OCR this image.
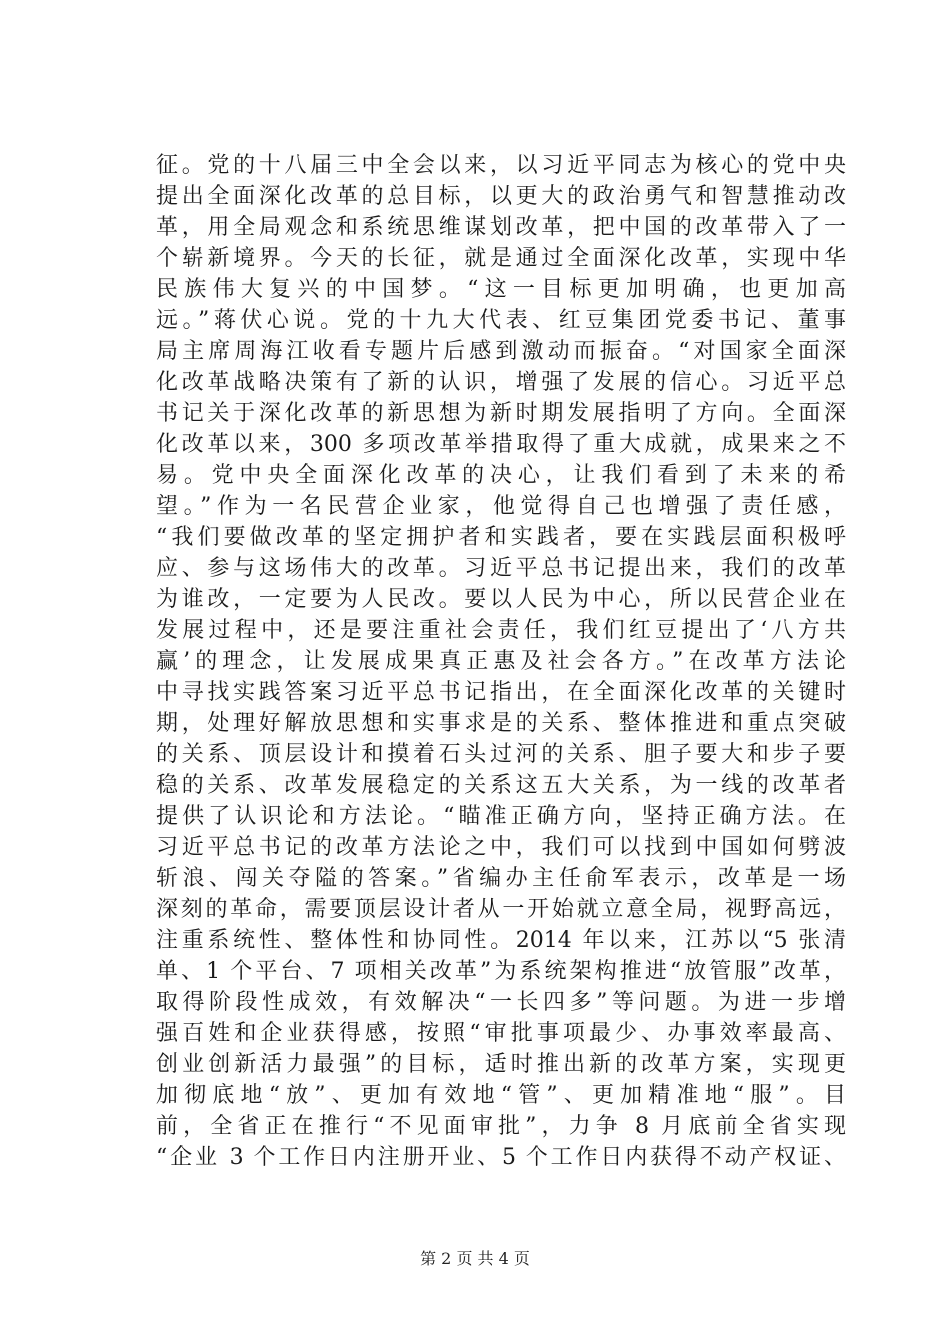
征。党的十八届三中全会以来，以习近平同志为核心的党中央
提出全面深化改革的总目标，以更大的政治勇气和智慧推动改
革，用全局观念和系统思维谋划改革，把中国的改革带入了一
个崭新境界。今天的长征，就是通过全面深化改革，实现中华
民族伟大复兴的中国梦。“这一目标更加明确，也更加高
远。”蒋伏心说。党的十九大代表、红豆集团党委书记、董事
局主席周海江收看专题片后感到激动而振奋。“对国家全面深
化改革战略决策有了新的认识，增强了发展的信心。习近平总
书记关于深化改革的新思想为新时期发展指明了方向。全面深
化改革以来，300 多项改革举措取得了重大成就，成果来之不
易。党中央全面深化改革的决心，让我们看到了未来的希
望。”作为一名民营企业家，他觉得自己也增强了责任感，
“我们要做改革的坚定拥护者和实践者，要在实践层面积极呼
应、参与这场伟大的改革。习近平总书记提出来，我们的改革
为谁改，一定要为人民改。要以人民为中心，所以民营企业在
发展过程中，还是要注重社会责任，我们红豆提出了‘八方共
赢’的理念，让发展成果真正惠及社会各方。”在改革方法论
中寻找实践答案习近平总书记指出，在全面深化改革的关键时
期，处理好解放思想和实事求是的关系、整体推进和重点突破
的关系、顶层设计和摸着石头过河的关系、胆子要大和步子要
稳的关系、改革发展稳定的关系这五大关系，为一线的改革者
提供了认识论和方法论。“瞄准正确方向，坚持正确方法。在
习近平总书记的改革方法论之中，我们可以找到中国如何劈波
斩浪、闯关夺隘的答案。”省编办主任俞军表示，改革是一场
深刻的革命，需要顶层设计者从一开始就立意全局，视野高远，
注重系统性、整体性和协同性。2014 年以来，江苏以“5 张清
单、1 个平台、7 项相关改革”为系统架构推进“放管服”改革，
取得阶段性成效，有效解决“一长四多”等问题。为进一步增
强百姓和企业获得感，按照“审批事项最少、办事效率最高、
创业创新活力最强”的目标，适时推出新的改革方案，实现更
加彻底地“放”、更加有效地“管”、更加精准地“服”。目
前，全省正在推行“不见面审批”，力争 8 月底前全省实现
“企业 3 个工作日内注册开业、5 个工作日内获得不动产权证、
第 2 页 共 4 页
